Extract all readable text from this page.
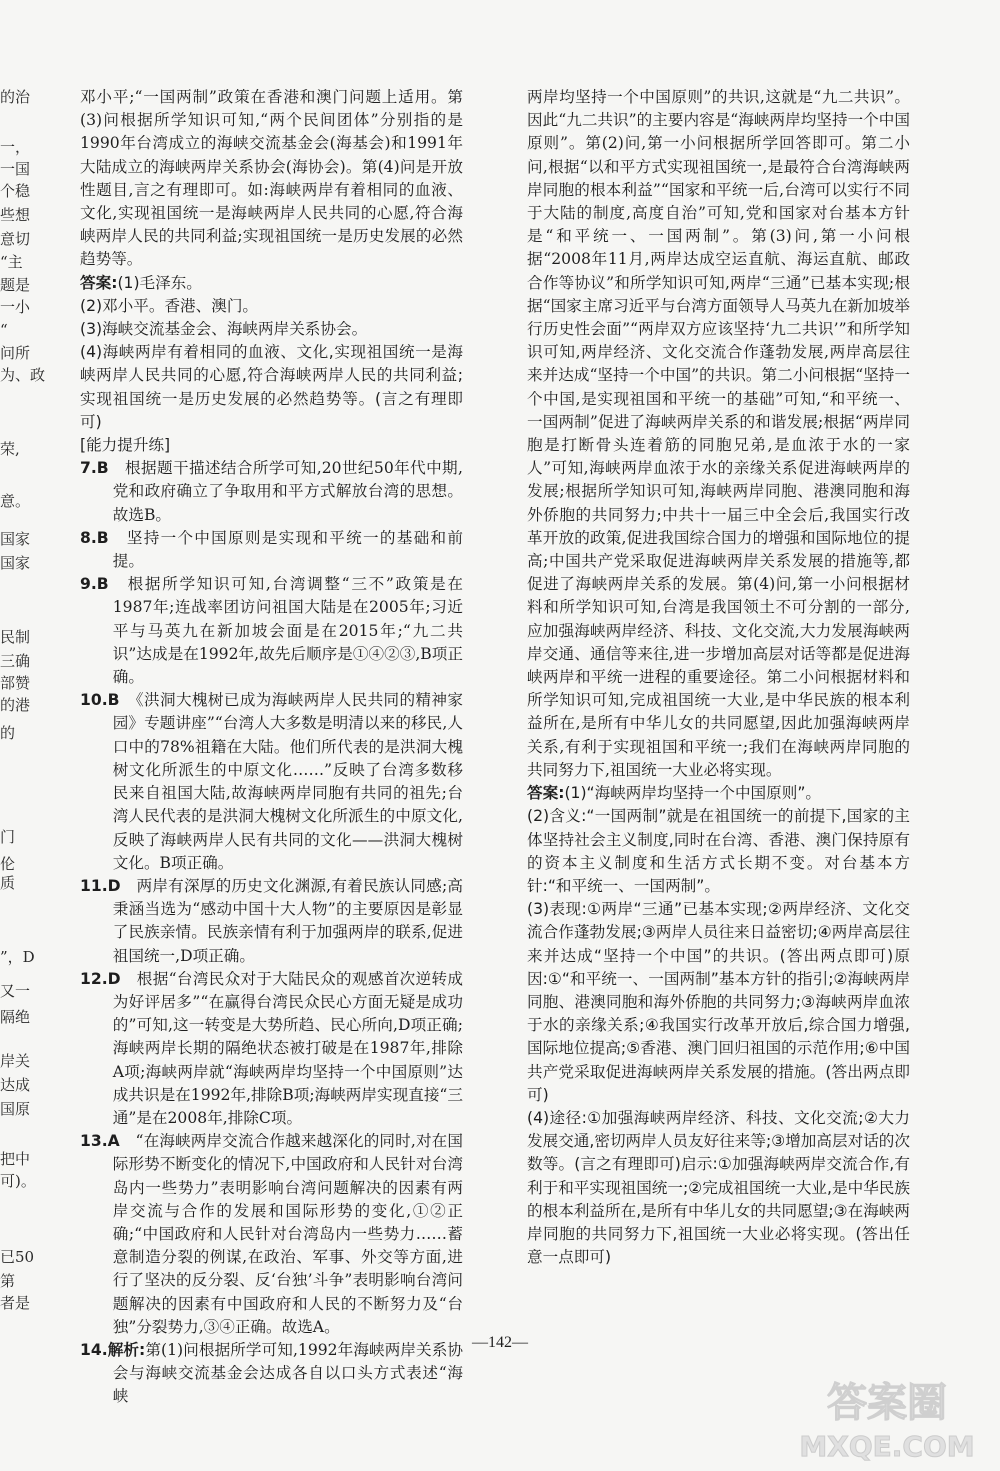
的治
一，
一国
个稳
些想
意切
“主
题是
一小
“
问所
为、政
荣,
意。
国家
国家
民制
三确
部赞
的港
的
门
伦
质
”，D
又一
隔绝
岸关
达成
国原
把中
可)。
已50
第
者是

邓小平;“一国两制”政策在香港和澳门问题上适用。第(3)问根据所学知识可知,“两个民间团体”分别指的是1990年台湾成立的海峡交流基金会(海基会)和1991年大陆成立的海峡两岸关系协会(海协会)。第(4)问是开放性题目,言之有理即可。如:海峡两岸有着相同的血液、文化,实现祖国统一是海峡两岸人民共同的心愿,符合海峡两岸人民的共同利益;实现祖国统一是历史发展的必然趋势等。

答案:(1)毛泽东。

(2)邓小平。香港、澳门。

(3)海峡交流基金会、海峡两岸关系协会。

(4)海峡两岸有着相同的血液、文化,实现祖国统一是海峡两岸人民共同的心愿,符合海峡两岸人民的共同利益;实现祖国统一是历史发展的必然趋势等。(言之有理即可)

[能力提升练]

7.B　根据题干描述结合所学可知,20世纪50年代中期,党和政府确立了争取用和平方式解放台湾的思想。故选B。

8.B　坚持一个中国原则是实现和平统一的基础和前提。

9.B　根据所学知识可知,台湾调整“三不”政策是在1987年;连战率团访问祖国大陆是在2005年;习近平与马英九在新加坡会面是在2015年;“九二共识”达成是在1992年,故先后顺序是①④②③,B项正确。

10.B　《洪洞大槐树已成为海峡两岸人民共同的精神家园》专题讲座”“台湾人大多数是明清以来的移民,人口中的78%祖籍在大陆。他们所代表的是洪洞大槐树文化所派生的中原文化……”反映了台湾多数移民来自祖国大陆,故海峡两岸同胞有共同的祖先;台湾人民代表的是洪洞大槐树文化所派生的中原文化,反映了海峡两岸人民有共同的文化——洪洞大槐树文化。B项正确。

11.D　两岸有深厚的历史文化渊源,有着民族认同感;高秉涵当选为“感动中国十大人物”的主要原因是彰显了民族亲情。民族亲情有利于加强两岸的联系,促进祖国统一,D项正确。

12.D　根据“台湾民众对于大陆民众的观感首次逆转成为好评居多”“在赢得台湾民众民心方面无疑是成功的”可知,这一转变是大势所趋、民心所向,D项正确;海峡两岸长期的隔绝状态被打破是在1987年,排除A项;海峡两岸就“海峡两岸均坚持一个中国原则”达成共识是在1992年,排除B项;海峡两岸实现直接“三通”是在2008年,排除C项。

13.A　“在海峡两岸交流合作越来越深化的同时,对在国际形势不断变化的情况下,中国政府和人民针对台湾岛内一些势力”表明影响台湾问题解决的因素有两岸交流与合作的发展和国际形势的变化,①②正确;“中国政府和人民针对台湾岛内一些势力……蓄意制造分裂的例谋,在政治、军事、外交等方面,进行了坚决的反分裂、反‘台独’斗争”表明影响台湾问题解决的因素有中国政府和人民的不断努力及“台独”分裂势力,③④正确。故选A。

14.解析:第(1)问根据所学可知,1992年海峡两岸关系协会与海峡交流基金会达成各自以口头方式表述“海峡

两岸均坚持一个中国原则”的共识,这就是“九二共识”。因此“九二共识”的主要内容是“海峡两岸均坚持一个中国原则”。第(2)问,第一小问根据所学回答即可。第二小问,根据“以和平方式实现祖国统一,是最符合台湾海峡两岸同胞的根本利益”“国家和平统一后,台湾可以实行不同于大陆的制度,高度自治”可知,党和国家对台基本方针是“和平统一、一国两制”。第(3)问,第一小问根据“2008年11月,两岸达成空运直航、海运直航、邮政合作等协议”和所学知识可知,两岸“三通”已基本实现;根据“国家主席习近平与台湾方面领导人马英九在新加坡举行历史性会面”“两岸双方应该坚持‘九二共识’”和所学知识可知,两岸经济、文化交流合作蓬勃发展,两岸高层往来并达成“坚持一个中国”的共识。第二小问根据“坚持一个中国,是实现祖国和平统一的基础”可知,“和平统一、一国两制”促进了海峡两岸关系的和谐发展;根据“两岸同胞是打断骨头连着筋的同胞兄弟,是血浓于水的一家人”可知,海峡两岸血浓于水的亲缘关系促进海峡两岸的发展;根据所学知识可知,海峡两岸同胞、港澳同胞和海外侨胞的共同努力;中共十一届三中全会后,我国实行改革开放的政策,促进我国综合国力的增强和国际地位的提高;中国共产党采取促进海峡两岸关系发展的措施等,都促进了海峡两岸关系的发展。第(4)问,第一小问根据材料和所学知识可知,台湾是我国领土不可分割的一部分,应加强海峡两岸经济、科技、文化交流,大力发展海峡两岸交通、通信等来往,进一步增加高层对话等都是促进海峡两岸和平统一进程的重要途径。第二小问根据材料和所学知识可知,完成祖国统一大业,是中华民族的根本利益所在,是所有中华儿女的共同愿望,因此加强海峡两岸关系,有利于实现祖国和平统一;我们在海峡两岸同胞的共同努力下,祖国统一大业必将实现。

答案:(1)“海峡两岸均坚持一个中国原则”。

(2)含义:“一国两制”就是在祖国统一的前提下,国家的主体坚持社会主义制度,同时在台湾、香港、澳门保持原有的资本主义制度和生活方式长期不变。对台基本方针:“和平统一、一国两制”。

(3)表现:①两岸“三通”已基本实现;②两岸经济、文化交流合作蓬勃发展;③两岸人员往来日益密切;④两岸高层往来并达成“坚持一个中国”的共识。(答出两点即可)原因:①“和平统一、一国两制”基本方针的指引;②海峡两岸同胞、港澳同胞和海外侨胞的共同努力;③海峡两岸血浓于水的亲缘关系;④我国实行改革开放后,综合国力增强,国际地位提高;⑤香港、澳门回归祖国的示范作用;⑥中国共产党采取促进海峡两岸关系发展的措施。(答出两点即可)

(4)途径:①加强海峡两岸经济、科技、文化交流;②大力发展交通,密切两岸人员友好往来等;③增加高层对话的次数等。(言之有理即可)启示:①加强海峡两岸交流合作,有利于和平实现祖国统一;②完成祖国统一大业,是中华民族的根本利益所在,是所有中华儿女的共同愿望;③在海峡两岸同胞的共同努力下,祖国统一大业必将实现。(答出任意一点即可)

—142—
答案圈
MXQE.COM
